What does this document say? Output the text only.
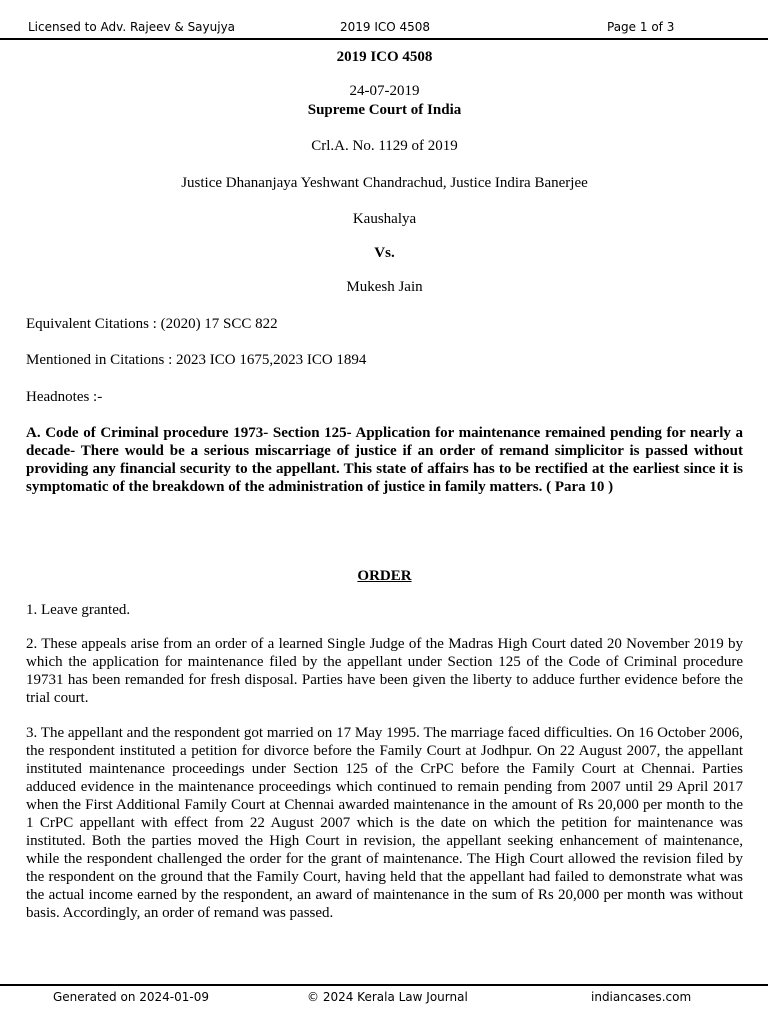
Licensed to Adv. Rajeev & Sayujya	2019 ICO 4508	Page 1 of 3
2019 ICO 4508
24-07-2019
Supreme Court of India
Crl.A. No. 1129 of 2019
Justice Dhananjaya Yeshwant Chandrachud, Justice Indira Banerjee
Kaushalya
Vs.
Mukesh Jain
Equivalent Citations : (2020) 17 SCC 822
Mentioned in Citations : 2023 ICO 1675,2023 ICO 1894
Headnotes :-
A. Code of Criminal procedure 1973- Section 125- Application for maintenance remained pending for nearly a decade- There would be a serious miscarriage of justice if an order of remand simplicitor is passed without providing any financial security to the appellant. This state of affairs has to be rectified at the earliest since it is symptomatic of the breakdown of the administration of justice in family matters. ( Para 10 )
ORDER
1. Leave granted.
2. These appeals arise from an order of a learned Single Judge of the Madras High Court dated 20 November 2019 by which the application for maintenance filed by the appellant under Section 125 of the Code of Criminal procedure 19731 has been remanded for fresh disposal. Parties have been given the liberty to adduce further evidence before the trial court.
3. The appellant and the respondent got married on 17 May 1995. The marriage faced difficulties. On 16 October 2006, the respondent instituted a petition for divorce before the Family Court at Jodhpur. On 22 August 2007, the appellant instituted maintenance proceedings under Section 125 of the CrPC before the Family Court at Chennai. Parties adduced evidence in the maintenance proceedings which continued to remain pending from 2007 until 29 April 2017 when the First Additional Family Court at Chennai awarded maintenance in the amount of Rs 20,000 per month to the 1 CrPC appellant with effect from 22 August 2007 which is the date on which the petition for maintenance was instituted. Both the parties moved the High Court in revision, the appellant seeking enhancement of maintenance, while the respondent challenged the order for the grant of maintenance. The High Court allowed the revision filed by the respondent on the ground that the Family Court, having held that the appellant had failed to demonstrate what was the actual income earned by the respondent, an award of maintenance in the sum of Rs 20,000 per month was without basis. Accordingly, an order of remand was passed.
Generated on 2024-01-09	© 2024 Kerala Law Journal	indiancases.com
